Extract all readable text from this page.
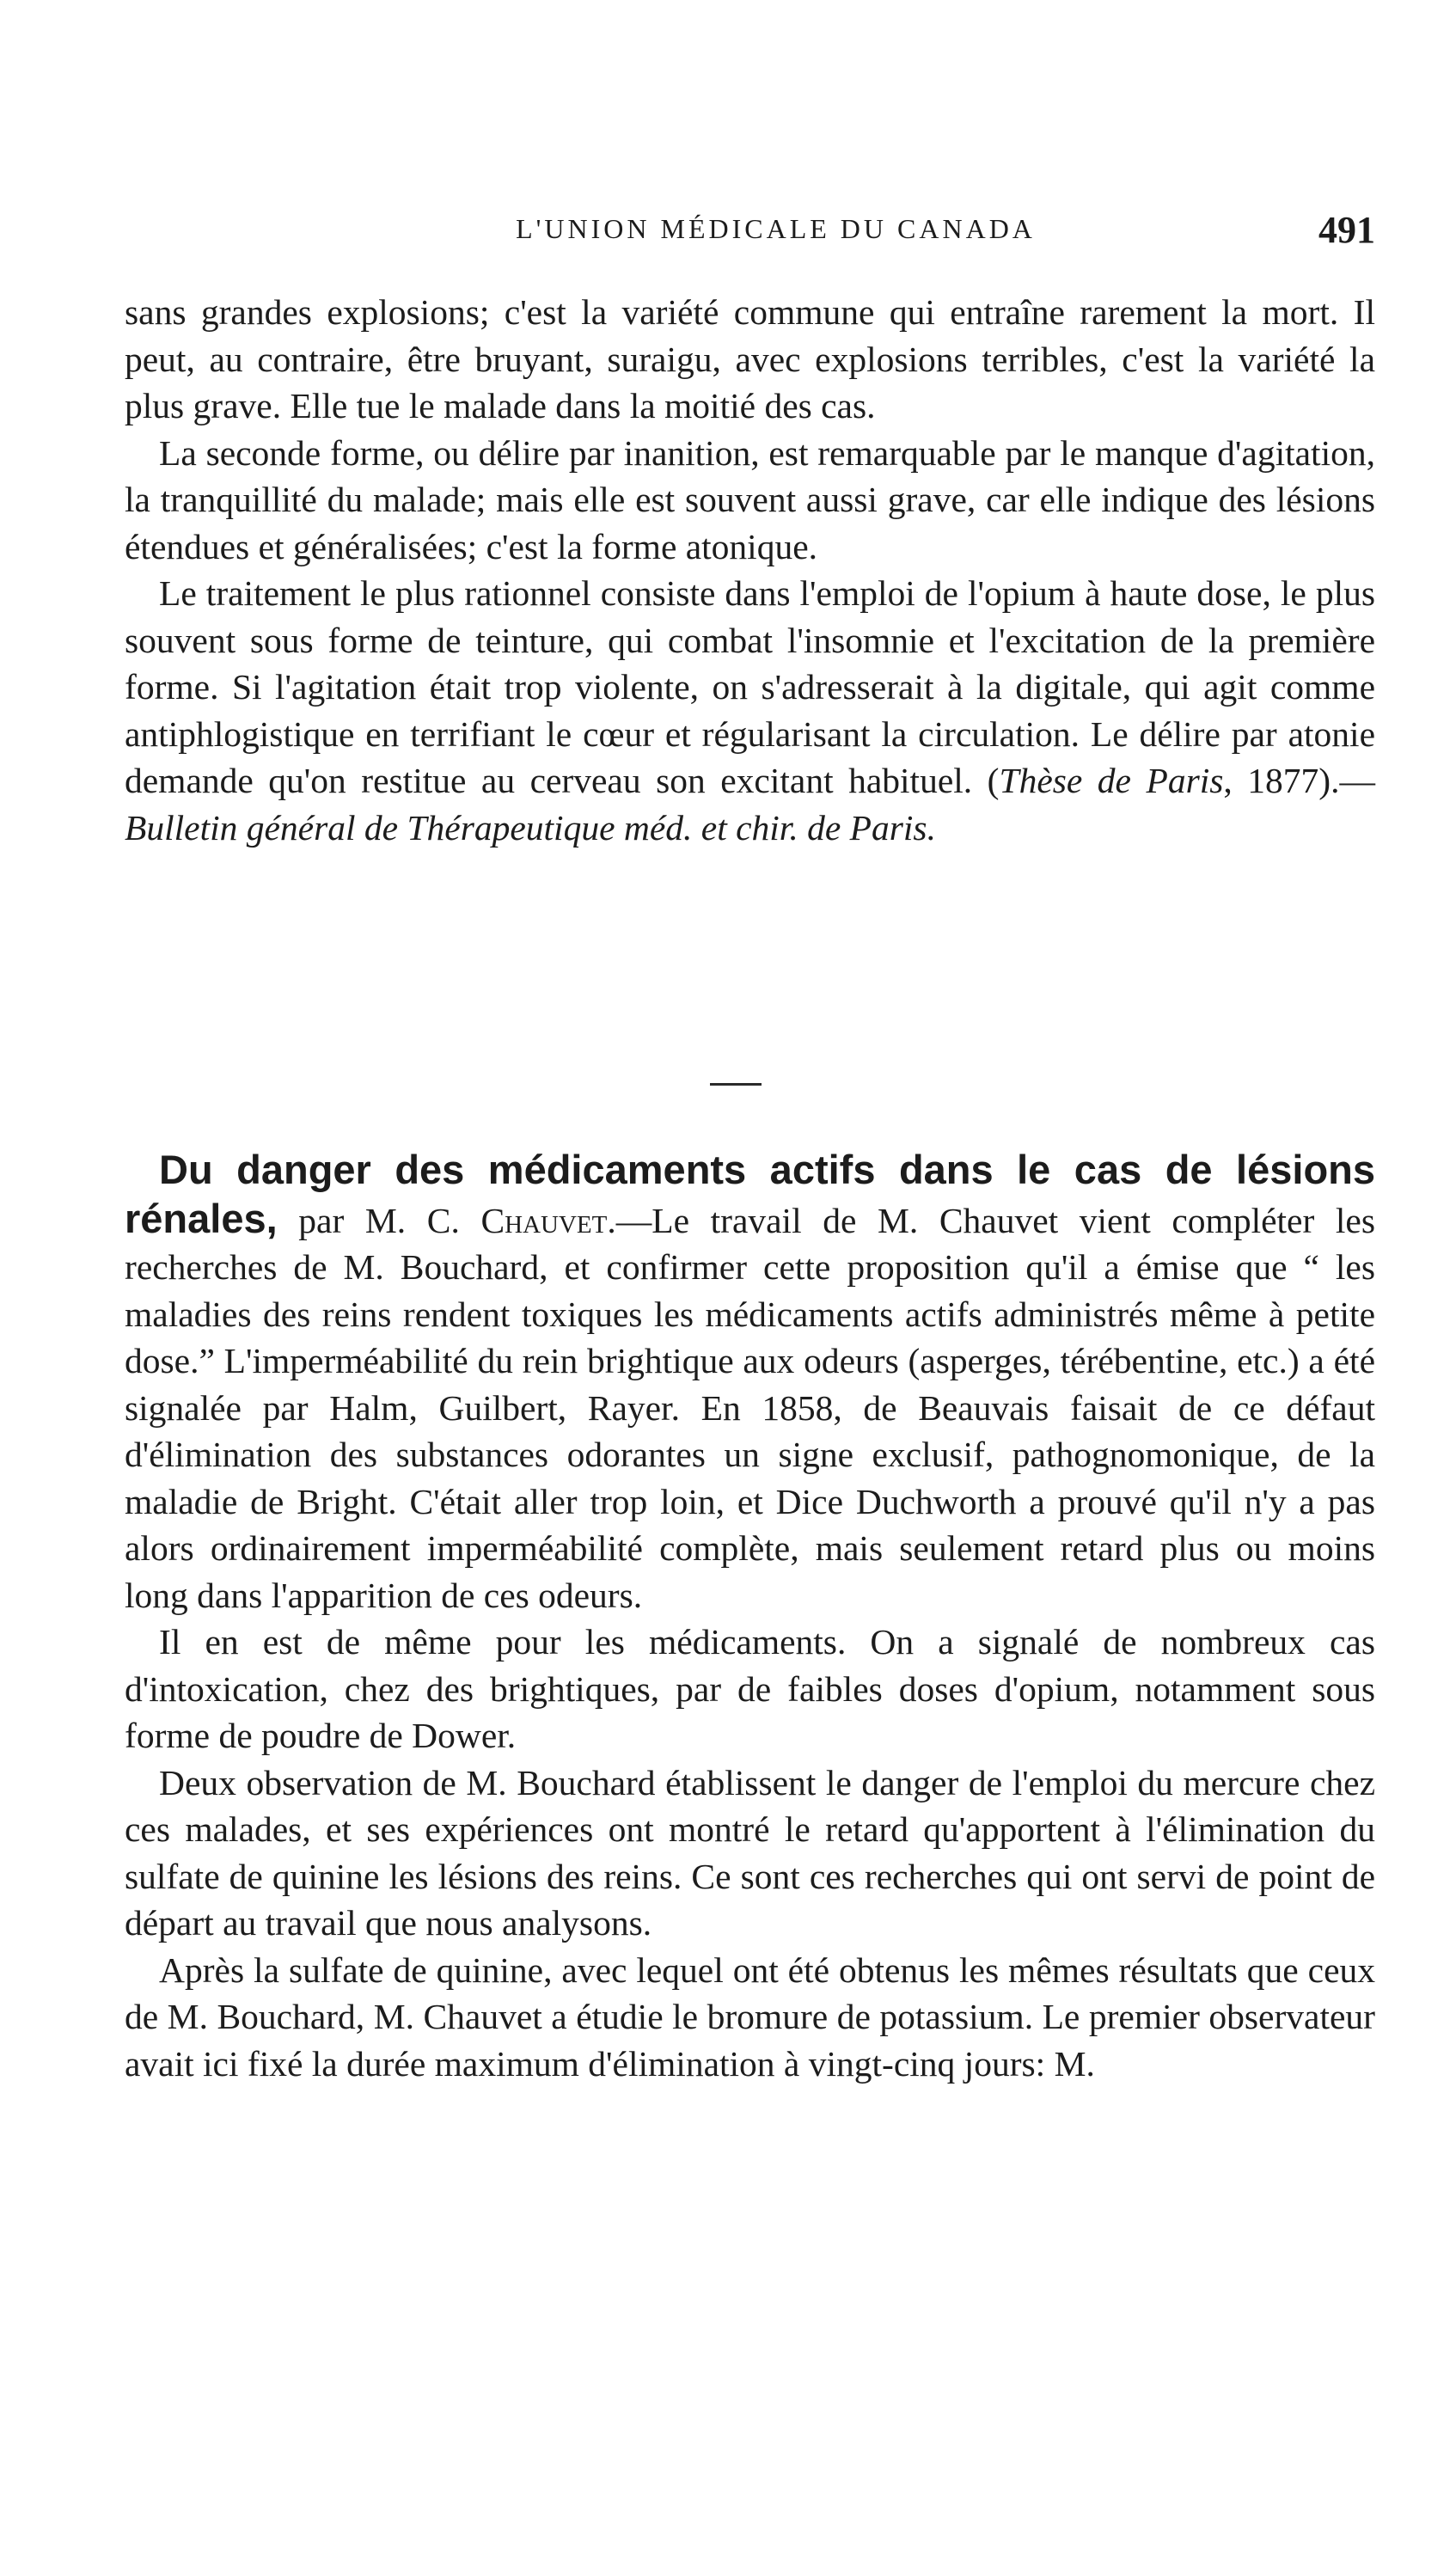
L'UNION MÉDICALE DU CANADA	491

sans grandes explosions; c'est la variété commune qui entraîne rarement la mort. Il peut, au contraire, être bruyant, suraigu, avec explosions terribles, c'est la variété la plus grave. Elle tue le malade dans la moitié des cas.

La seconde forme, ou délire par inanition, est remarquable par le manque d'agitation, la tranquillité du malade; mais elle est souvent aussi grave, car elle indique des lésions étendues et généralisées; c'est la forme atonique.

Le traitement le plus rationnel consiste dans l'emploi de l'opium à haute dose, le plus souvent sous forme de teinture, qui combat l'insomnie et l'excitation de la première forme. Si l'agitation était trop violente, on s'adresserait à la digitale, qui agit comme antiphlogistique en terrifiant le cœur et régularisant la circulation. Le délire par atonie demande qu'on restitue au cerveau son excitant habituel. (Thèse de Paris, 1877).— Bulletin général de Thérapeutique méd. et chir. de Paris.

Du danger des médicaments actifs dans le cas de lésions rénales, par M. C. Chauvet.—Le travail de M. Chauvet vient compléter les recherches de M. Bouchard, et confirmer cette proposition qu'il a émise que “ les maladies des reins rendent toxiques les médicaments actifs administrés même à petite dose.” L'imperméabilité du rein brightique aux odeurs (asperges, térébentine, etc.) a été signalée par Halm, Guilbert, Rayer. En 1858, de Beauvais faisait de ce défaut d'élimination des substances odorantes un signe exclusif, pathognomonique, de la maladie de Bright. C'était aller trop loin, et Dice Duchworth a prouvé qu'il n'y a pas alors ordinairement imperméabilité complète, mais seulement retard plus ou moins long dans l'apparition de ces odeurs.

Il en est de même pour les médicaments. On a signalé de nombreux cas d'intoxication, chez des brightiques, par de faibles doses d'opium, notamment sous forme de poudre de Dower.

Deux observation de M. Bouchard établissent le danger de l'emploi du mercure chez ces malades, et ses expériences ont montré le retard qu'apportent à l'élimination du sulfate de quinine les lésions des reins. Ce sont ces recherches qui ont servi de point de départ au travail que nous analysons.

Après la sulfate de quinine, avec lequel ont été obtenus les mêmes résultats que ceux de M. Bouchard, M. Chauvet a étudie le bromure de potassium. Le premier observateur avait ici fixé la durée maximum d'élimination à vingt-cinq jours: M.
